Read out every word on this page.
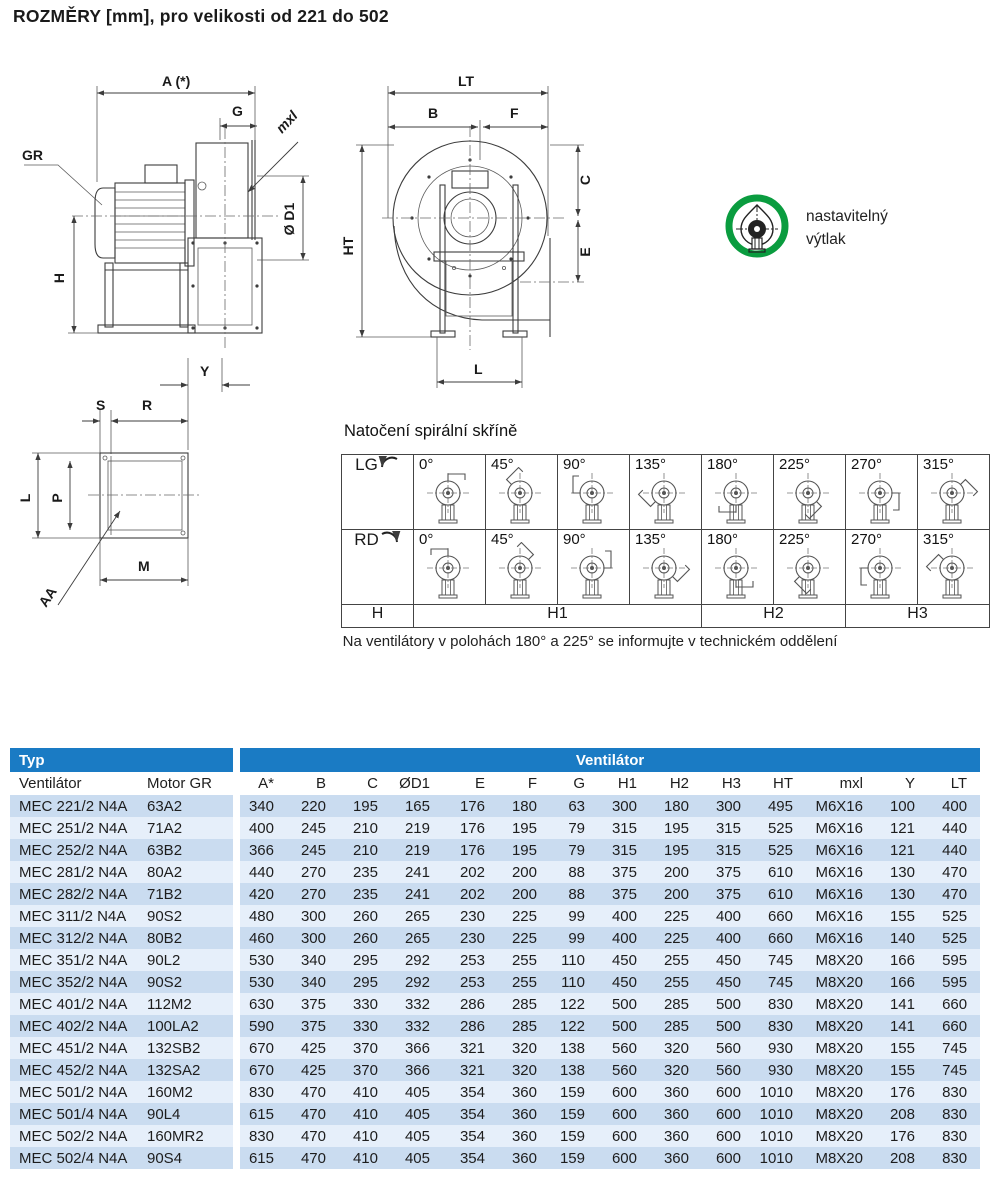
ROZMĚRY [mm], pro velikosti od 221 do 502
A (*)
G mxl
GR
H
Ø D1
Y
S	R
L P
M
AA
LT
B	F
HT
C
E
L
nastavitelný
výtlak
Natočení spirální skříně
LG	0°	45°	90°	135°	180°	225°	270°	315°

RD	0°	45°	90°	135°	180°	225°	270°	315°

H	H1				H2		H3	
Na ventilátory v polohách 180° a 225° se informujte v technickém oddělení
Typ			Ventilátor													
Ventilátor	Motor GR		A*	B	C	ØD1	E	F	G	H1	H2	H3	HT	mxl	Y	LT
MEC 221/2 N4A	63A2		340	220	195	165	176	180	63	300	180	300	495	M6X16	100	400
MEC 251/2 N4A	71A2		400	245	210	219	176	195	79	315	195	315	525	M6X16	121	440
MEC 252/2 N4A	63B2		366	245	210	219	176	195	79	315	195	315	525	M6X16	121	440
MEC 281/2 N4A	80A2		440	270	235	241	202	200	88	375	200	375	610	M6X16	130	470
MEC 282/2 N4A	71B2		420	270	235	241	202	200	88	375	200	375	610	M6X16	130	470
MEC 311/2 N4A	90S2		480	300	260	265	230	225	99	400	225	400	660	M6X16	155	525
MEC 312/2 N4A	80B2		460	300	260	265	230	225	99	400	225	400	660	M6X16	140	525
MEC 351/2 N4A	90L2		530	340	295	292	253	255	110	450	255	450	745	M8X20	166	595
MEC 352/2 N4A	90S2		530	340	295	292	253	255	110	450	255	450	745	M8X20	166	595
MEC 401/2 N4A	112M2		630	375	330	332	286	285	122	500	285	500	830	M8X20	141	660
MEC 402/2 N4A	100LA2		590	375	330	332	286	285	122	500	285	500	830	M8X20	141	660
MEC 451/2 N4A	132SB2		670	425	370	366	321	320	138	560	320	560	930	M8X20	155	745
MEC 452/2 N4A	132SA2		670	425	370	366	321	320	138	560	320	560	930	M8X20	155	745
MEC 501/2 N4A	160M2		830	470	410	405	354	360	159	600	360	600	1010	M8X20	176	830
MEC 501/4 N4A	90L4		615	470	410	405	354	360	159	600	360	600	1010	M8X20	208	830
MEC 502/2 N4A	160MR2		830	470	410	405	354	360	159	600	360	600	1010	M8X20	176	830
MEC 502/4 N4A	90S4		615	470	410	405	354	360	159	600	360	600	1010	M8X20	208	830
